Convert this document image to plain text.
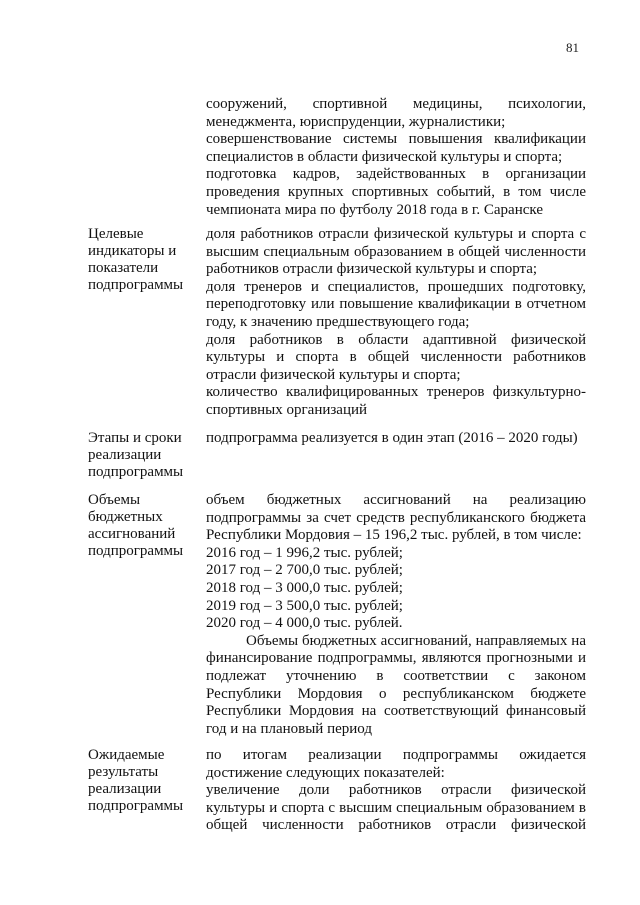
81
сооружений, спортивной медицины, психологии,
менеджмента, юриспруденции, журналистики;
совершенствование системы повышения квалификации
специалистов в области физической культуры и спорта;
подготовка кадров, задействованных в организации
проведения крупных спортивных событий, в том числе
чемпионата мира по футболу 2018 года в г. Саранске
Целевые
индикаторы и
показатели
подпрограммы
доля работников отрасли физической культуры и спорта с
высшим специальным образованием в общей численности
работников отрасли физической культуры и спорта;
доля тренеров и специалистов, прошедших подготовку,
переподготовку или повышение квалификации в отчетном
году, к значению предшествующего года;
доля работников в области адаптивной физической
культуры и спорта в общей численности работников
отрасли физической культуры и спорта;
количество квалифицированных тренеров физкультурно-
спортивных организаций
Этапы и сроки
реализации
подпрограммы
подпрограмма реализуется в один этап (2016 – 2020 годы)
Объемы
бюджетных
ассигнований
подпрограммы
объем бюджетных ассигнований на реализацию
подпрограммы за счет средств республиканского бюджета
Республики Мордовия – 15 196,2 тыс. рублей, в том числе:
2016 год – 1 996,2 тыс. рублей;
2017 год – 2 700,0 тыс. рублей;
2018 год – 3 000,0 тыс. рублей;
2019 год – 3 500,0 тыс. рублей;
2020 год – 4 000,0 тыс. рублей.
Объемы бюджетных ассигнований, направляемых на
финансирование подпрограммы, являются прогнозными и
подлежат уточнению в соответствии с законом
Республики Мордовия о республиканском бюджете
Республики Мордовия на соответствующий финансовый
год и на плановый период
Ожидаемые
результаты
реализации
подпрограммы
по итогам реализации подпрограммы ожидается
достижение следующих показателей:
увеличение доли работников отрасли физической
культуры и спорта с высшим специальным образованием в
общей численности работников отрасли физической
